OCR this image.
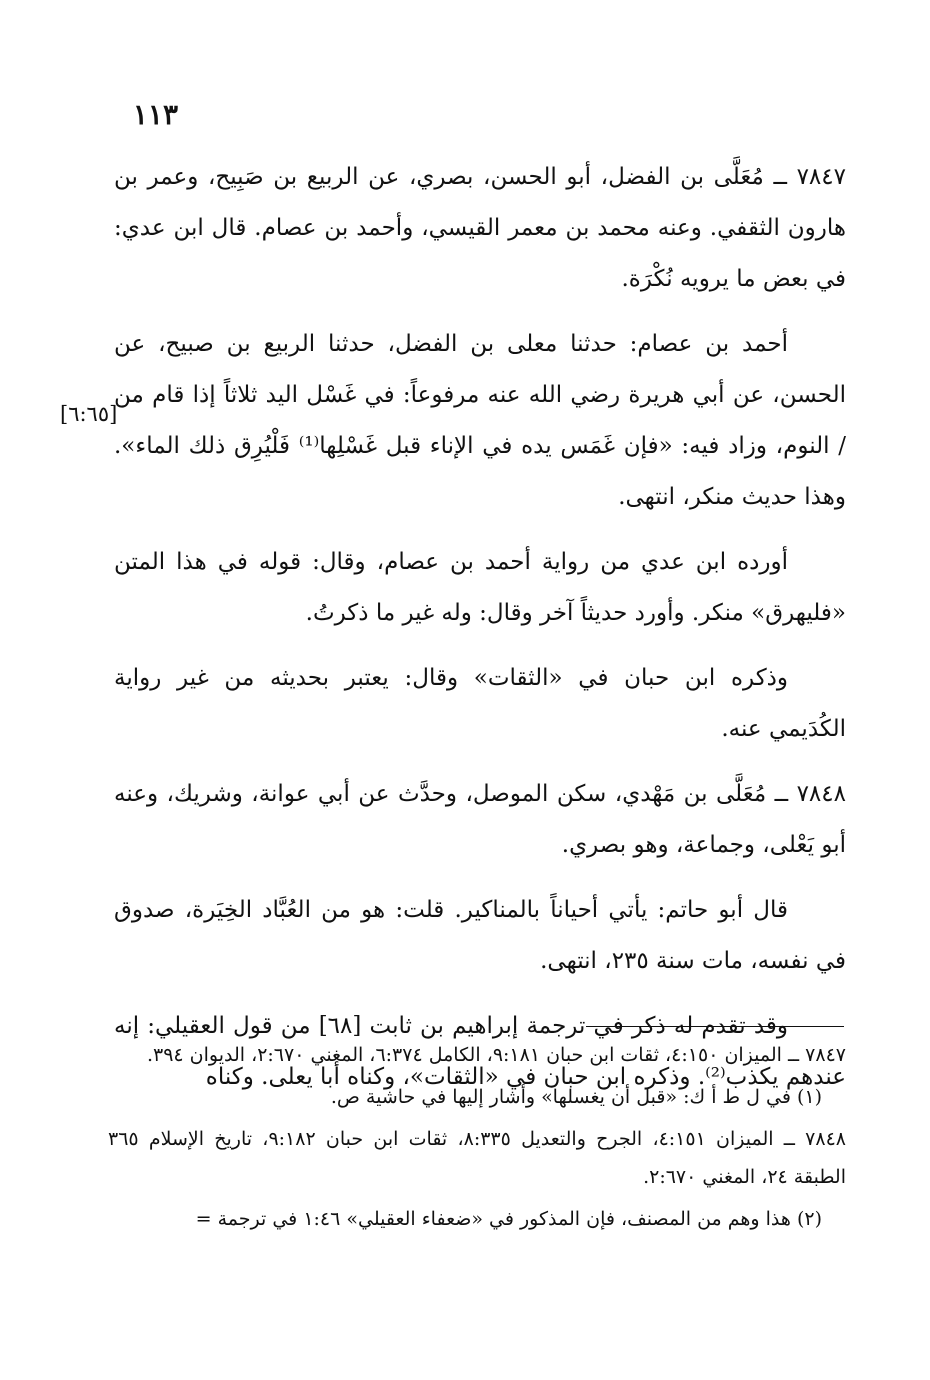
١١٣
[٦:٦٥]

٧٨٤٧ ــ مُعَلَّى بن الفضل، أبو الحسن، بصري، عن الربيع بن صَبِيح، وعمر بن هارون الثقفي. وعنه محمد بن معمر القيسي، وأحمد بن عصام. قال ابن عدي: في بعض ما يرويه نُكْرَة.

أحمد بن عصام: حدثنا معلى بن الفضل، حدثنا الربيع بن صبيح، عن الحسن، عن أبي هريرة رضي الله عنه مرفوعاً: في غَسْل اليد ثلاثاً إذا قام من / النوم، وزاد فيه: «فإن غَمَس يده في الإناء قبل غَسْلِها⁽¹⁾ فَلْيُرِق ذلك الماء». وهذا حديث منكر، انتهى.

أورده ابن عدي من رواية أحمد بن عصام، وقال: قوله في هذا المتن «فليهرق» منكر. وأورد حديثاً آخر وقال: وله غير ما ذكرتُ.

وذكره ابن حبان في «الثقات» وقال: يعتبر بحديثه من غير رواية الكُدَيمي عنه.

٧٨٤٨ ــ مُعَلَّى بن مَهْدي، سكن الموصل، وحدَّث عن أبي عوانة، وشريك، وعنه أبو يَعْلى، وجماعة، وهو بصري.

قال أبو حاتم: يأتي أحياناً بالمناكير. قلت: هو من العُبَّاد الخِيَرة، صدوق في نفسه، مات سنة ٢٣٥، انتهى.

وقد تقدم له ذكر في ترجمة إبراهيم بن ثابت [٦٨] من قول العقيلي: إنه عندهم يكذب⁽²⁾. وذكره ابن حبان في «الثقات»، وكناه أبا يعلى. وكناه

٧٨٤٧ ــ الميزان ٤:١٥٠، ثقات ابن حبان ٩:١٨١، الكامل ٦:٣٧٤، المغني ٢:٦٧٠، الديوان ٣٩٤.

(١) في ل ط أ ك: «قبل أن يغسلها» وأشار إليها في حاشية ص.

٧٨٤٨ ــ الميزان ٤:١٥١، الجرح والتعديل ٨:٣٣٥، ثقات ابن حبان ٩:١٨٢، تاريخ الإسلام ٣٦٥ الطبقة ٢٤، المغني ٢:٦٧٠.

(٢) هذا وهم من المصنف، فإن المذكور في «ضعفاء العقيلي» ١:٤٦ في ترجمة =
